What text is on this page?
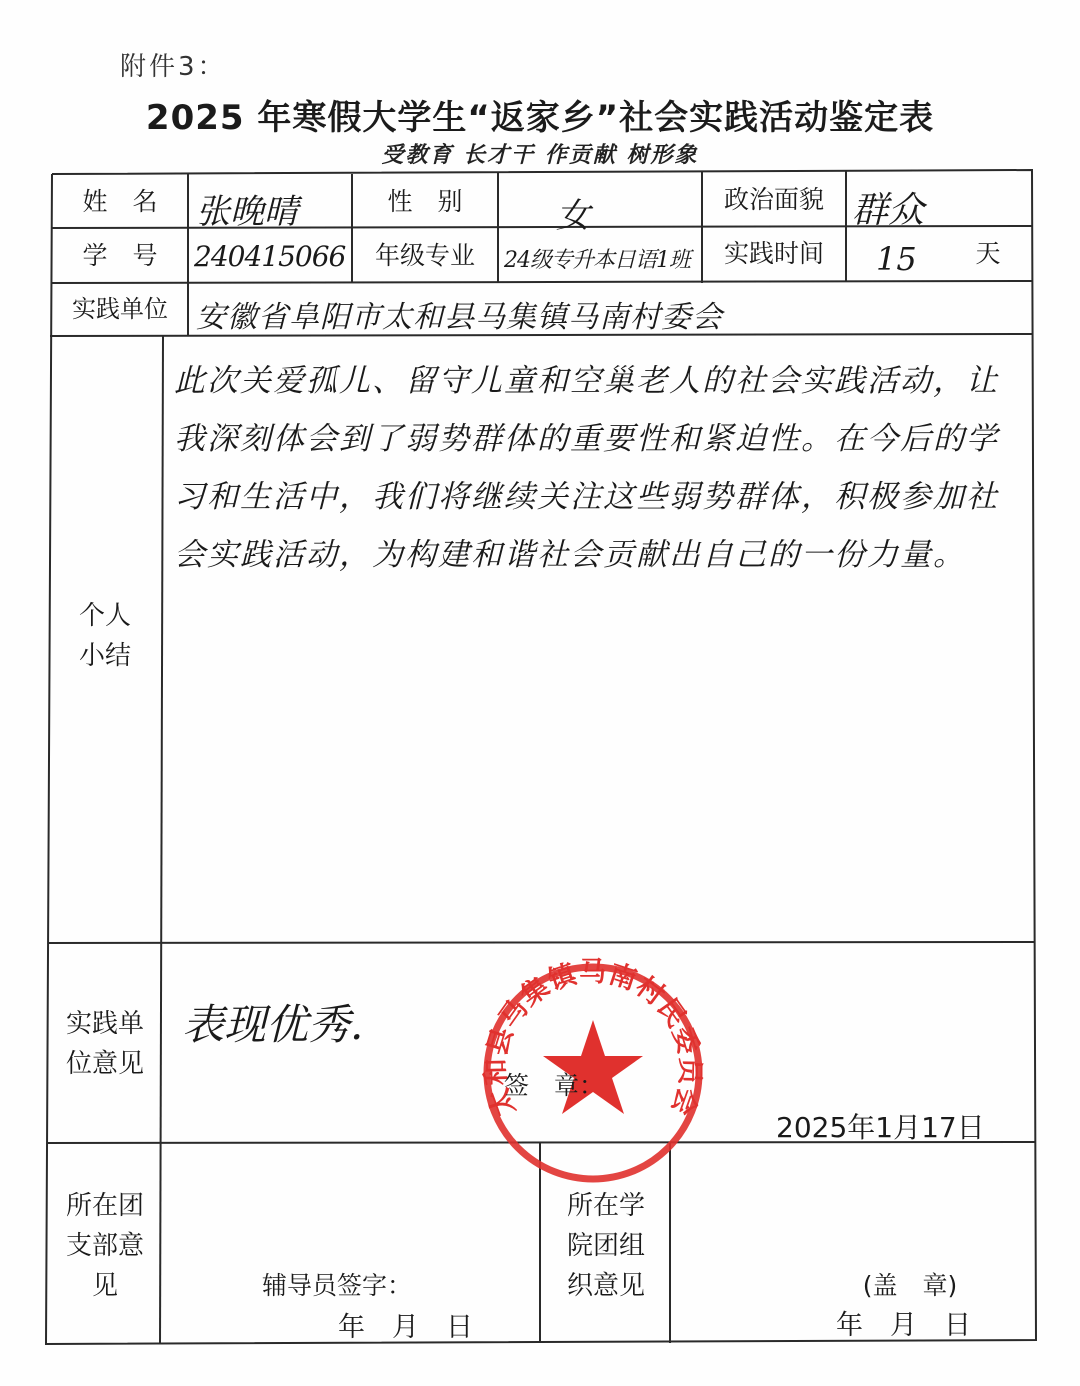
附件3：
2025 年寒假大学生“返家乡”社会实践活动鉴定表
受教育 长才干 作贡献 树形象
姓　名	张晚晴	性　别	女	政治面貌 群众
学　号	240415066	年级专业	24级专升本日语1班	实践时间	15	天
实践单位 安徽省阜阳市太和县马集镇马南村委会
个人小结
此次关爱孤儿、留守儿童和空巢老人的社会实践活动，让我深刻体会到了弱势群体的重要性和紧迫性。在今后的学习和生活中，我们将继续关注这些弱势群体，积极参加社会实践活动，为构建和谐社会贡献出自己的一份力量。
实践单位意见
表现优秀.
太和县马集镇马南村民委员会
签　章：
2025年1月17日
所在团支部意见	辅导员签字：
年　月　日
所在学院团组织意见	(盖　章)
年　月　日
